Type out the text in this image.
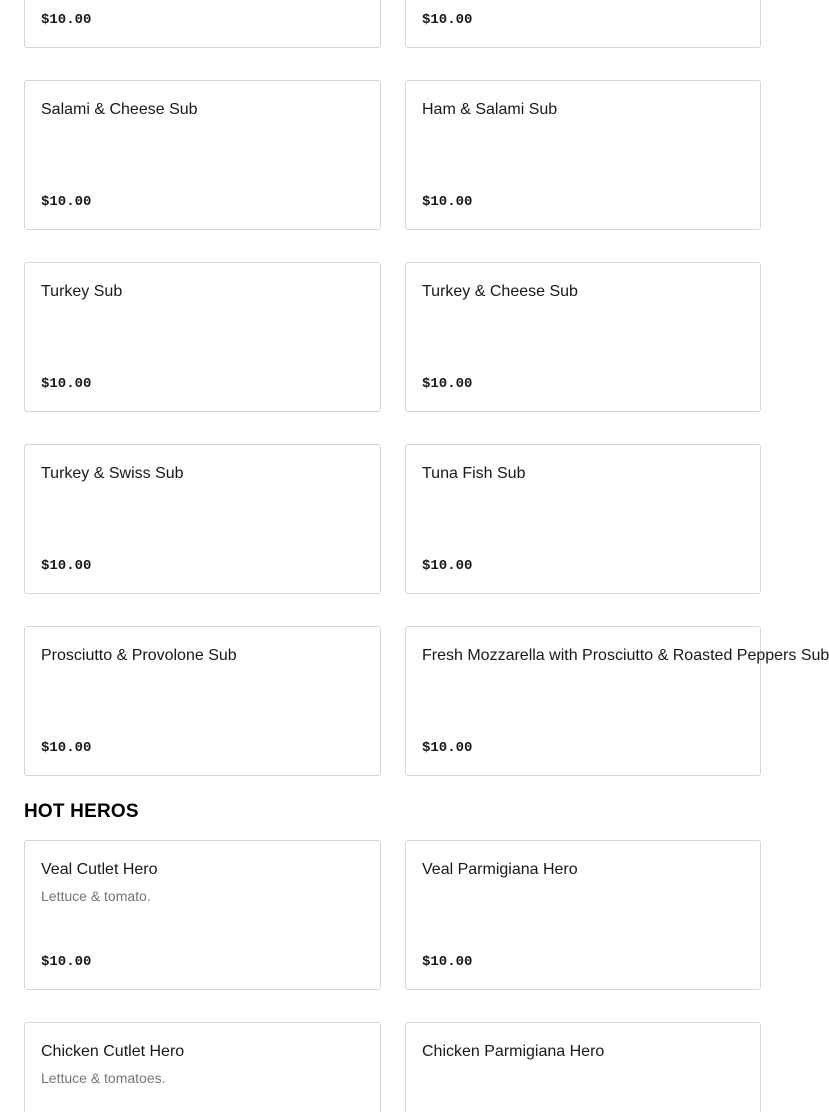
$10.00	$10.00
Salami & Cheese Sub
$10.00
Ham & Salami Sub
$10.00
Turkey Sub
$10.00
Turkey & Cheese Sub
$10.00
Turkey & Swiss Sub
$10.00
Tuna Fish Sub
$10.00
Prosciutto & Provolone Sub
$10.00
Fresh Mozzarella with Prosciutto & Roasted Peppers Sub
$10.00
HOT HEROS
Veal Cutlet Hero
Lettuce & tomato.
$10.00
Veal Parmigiana Hero
$10.00
Chicken Cutlet Hero
Lettuce & tomatoes.
Chicken Parmigiana Hero
